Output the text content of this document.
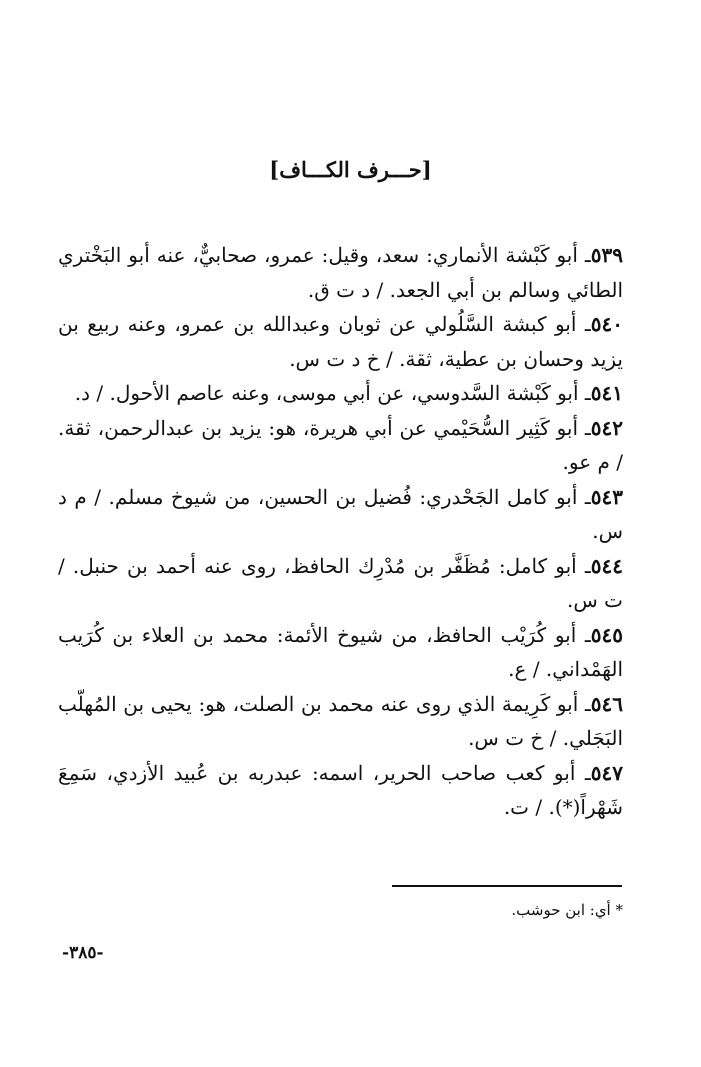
[حـــرف الكـــاف]

٥٣٩ـ أبو كَبْشة الأنماري: سعد، وقيل: عمرو، صحابيٌّ، عنه أبو البَخْتري الطائي وسالم بن أبي الجعد. / د ت ق.

٥٤٠ـ أبو كبشة السَّلُولي عن ثوبان وعبدالله بن عمرو، وعنه ربيع بن يزيد وحسان بن عطية، ثقة. / خ د ت س.

٥٤١ـ أبو كَبْشة السَّدوسي، عن أبي موسى، وعنه عاصم الأحول. / د.

٥٤٢ـ أبو كَثِير السُّحَيْمي عن أبي هريرة، هو: يزيد بن عبدالرحمن، ثقة. / م عو.

٥٤٣ـ أبو كامل الجَحْدري: فُضيل بن الحسين، من شيوخ مسلم. / م د س.

٥٤٤ـ أبو كامل: مُظَفَّر بن مُدْرِك الحافظ، روى عنه أحمد بن حنبل. / ت س.

٥٤٥ـ أبو كُرَيْب الحافظ، من شيوخ الأئمة: محمد بن العلاء بن كُرَيب الهَمْداني. / ع.

٥٤٦ـ أبو كَرِيمة الذي روى عنه محمد بن الصلت، هو: يحيى بن المُهلّب البَجَلي. / خ ت س.

٥٤٧ـ أبو كعب صاحب الحرير، اسمه: عبدربه بن عُبيد الأزدي، سَمِعَ شَهْراً(*). / ت.

* أي: ابن حوشب.
-٣٨٥-
